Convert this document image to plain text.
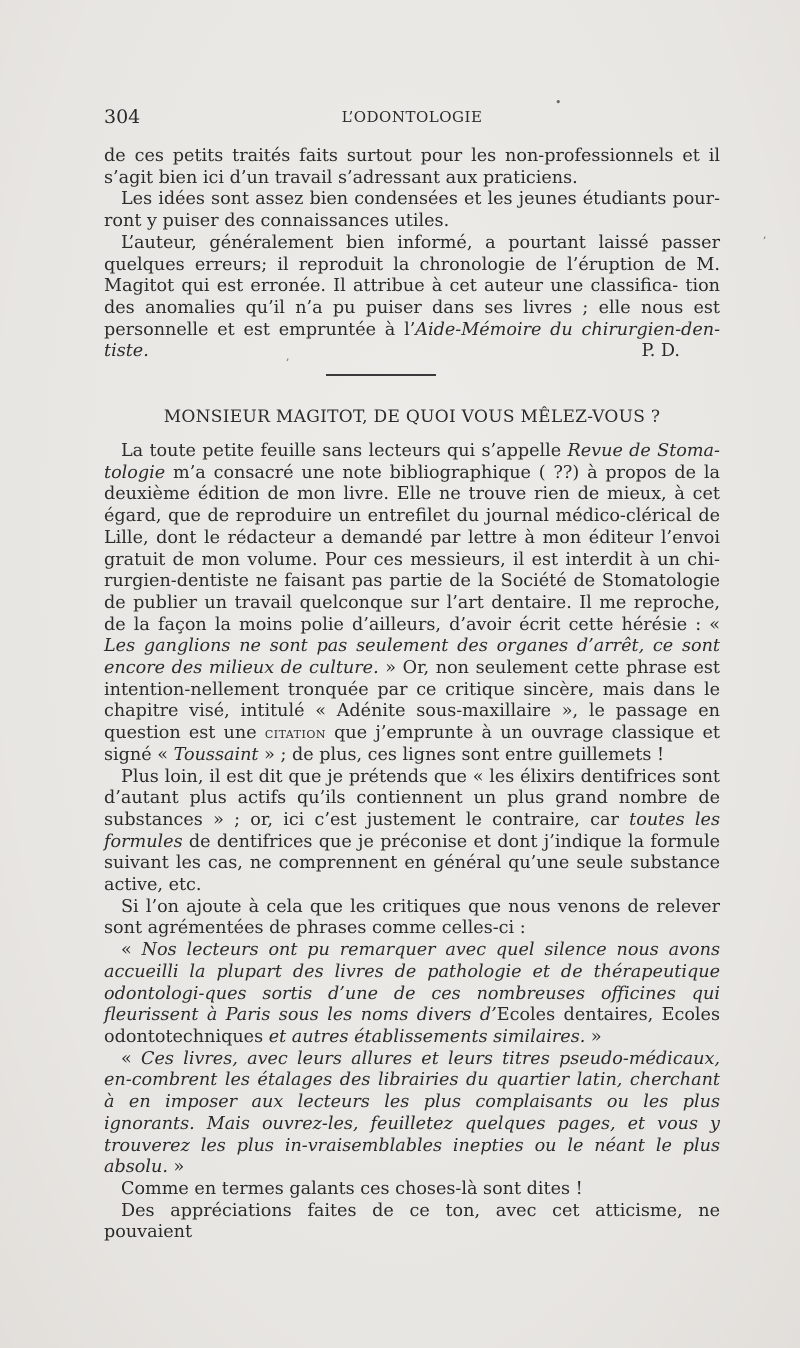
304	L’ODONTOLOGIE

de ces petits traités faits surtout pour les non-professionnels et il s’agit bien ici d’un travail s’adressant aux praticiens.

Les idées sont assez bien condensées et les jeunes étudiants pour- ront y puiser des connaissances utiles.

L’auteur, généralement bien informé, a pourtant laissé passer quelques erreurs; il reproduit la chronologie de l’éruption de M. Magitot qui est erronée. Il attribue à cet auteur une classifica- tion des anomalies qu’il n’a pu puiser dans ses livres ; elle nous est personnelle et est empruntée à l’Aide-Mémoire du chirurgien-den- tiste.	P. D.

MONSIEUR MAGITOT, DE QUOI VOUS MÊLEZ-VOUS ?

La toute petite feuille sans lecteurs qui s’appelle Revue de Stoma-tologie m’a consacré une note bibliographique ( ??) à propos de la deuxième édition de mon livre. Elle ne trouve rien de mieux, à cet égard, que de reproduire un entrefilet du journal médico-clérical de Lille, dont le rédacteur a demandé par lettre à mon éditeur l’envoi gratuit de mon volume. Pour ces messieurs, il est interdit à un chi-rurgien-dentiste ne faisant pas partie de la Société de Stomatologie de publier un travail quelconque sur l’art dentaire. Il me reproche, de la façon la moins polie d’ailleurs, d’avoir écrit cette hérésie : « Les ganglions ne sont pas seulement des organes d’arrêt, ce sont encore des milieux de culture. » Or, non seulement cette phrase est intention-nellement tronquée par ce critique sincère, mais dans le chapitre visé, intitulé « Adénite sous-maxillaire », le passage en question est une citation que j’emprunte à un ouvrage classique et signé « Toussaint » ; de plus, ces lignes sont entre guillemets !

Plus loin, il est dit que je prétends que « les élixirs dentifrices sont d’autant plus actifs qu’ils contiennent un plus grand nombre de substances » ; or, ici c’est justement le contraire, car toutes les formules de dentifrices que je préconise et dont j’indique la formule suivant les cas, ne comprennent en général qu’une seule substance active, etc.

Si l’on ajoute à cela que les critiques que nous venons de relever sont agrémentées de phrases comme celles-ci :

« Nos lecteurs ont pu remarquer avec quel silence nous avons accueilli la plupart des livres de pathologie et de thérapeutique odontologi-ques sortis d’une de ces nombreuses officines qui fleurissent à Paris sous les noms divers d’Ecoles dentaires, Ecoles odontotechniques et autres établissements similaires. »

« Ces livres, avec leurs allures et leurs titres pseudo-médicaux, en-combrent les étalages des librairies du quartier latin, cherchant à en imposer aux lecteurs les plus complaisants ou les plus ignorants. Mais ouvrez-les, feuilletez quelques pages, et vous y trouverez les plus in-vraisemblables inepties ou le néant le plus absolu. »

Comme en termes galants ces choses-là sont dites !

Des appréciations faites de ce ton, avec cet atticisme, ne pouvaient

•
,
,
